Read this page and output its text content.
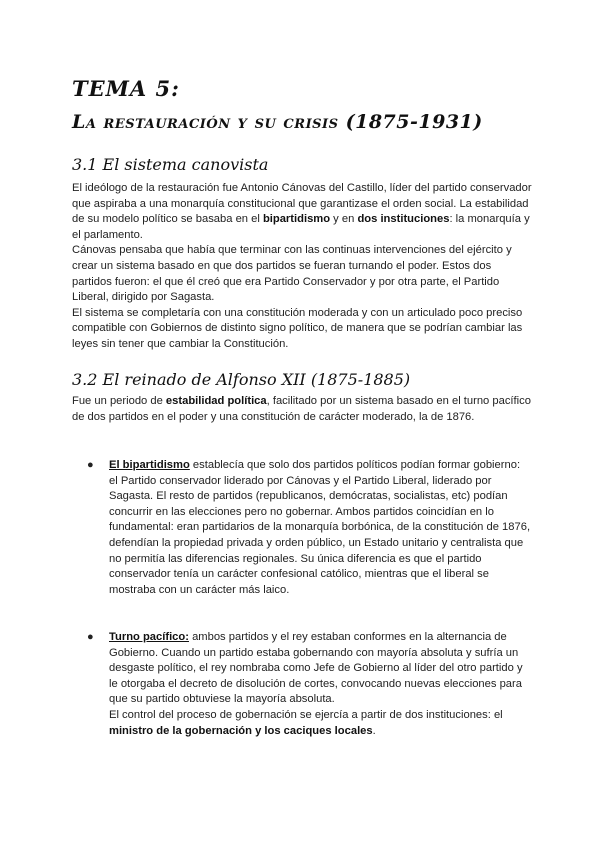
TEMA 5:
La restauración y su crisis (1875-1931)
3.1 El sistema canovista

El ideólogo de la restauración fue Antonio Cánovas del Castillo, líder del partido conservador que aspiraba a una monarquía constitucional que garantizase el orden social. La estabilidad de su modelo político se basaba en el bipartidismo y en dos instituciones: la monarquía y el parlamento.

Cánovas pensaba que había que terminar con las continuas intervenciones del ejército y crear un sistema basado en que dos partidos se fueran turnando el poder. Estos dos partidos fueron: el que él creó que era Partido Conservador y por otra parte, el Partido Liberal, dirigido por Sagasta.

El sistema se completaría con una constitución moderada y con un articulado poco preciso compatible con Gobiernos de distinto signo político, de manera que se podrían cambiar las leyes sin tener que cambiar la Constitución.

3.2 El reinado de Alfonso XII (1875-1885)

Fue un periodo de estabilidad política, facilitado por un sistema basado en el turno pacífico de dos partidos en el poder y una constitución de carácter moderado, la de 1876.

● El bipartidismo establecía que solo dos partidos políticos podían formar gobierno: el Partido conservador liderado por Cánovas y el Partido Liberal, liderado por Sagasta. El resto de partidos (republicanos, demócratas, socialistas, etc) podían concurrir en las elecciones pero no gobernar. Ambos partidos coincidían en lo fundamental: eran partidarios de la monarquía borbónica, de la constitución de 1876, defendían la propiedad privada y orden público, un Estado unitario y centralista que no permitía las diferencias regionales. Su única diferencia es que el partido conservador tenía un carácter confesional católico, mientras que el liberal se mostraba con un carácter más laico.

● Turno pacífico: ambos partidos y el rey estaban conformes en la alternancia de Gobierno. Cuando un partido estaba gobernando con mayoría absoluta y sufría un desgaste político, el rey nombraba como Jefe de Gobierno al líder del otro partido y le otorgaba el decreto de disolución de cortes, convocando nuevas elecciones para que su partido obtuviese la mayoría absoluta.

El control del proceso de gobernación se ejercía a partir de dos instituciones: el ministro de la gobernación y los caciques locales.
